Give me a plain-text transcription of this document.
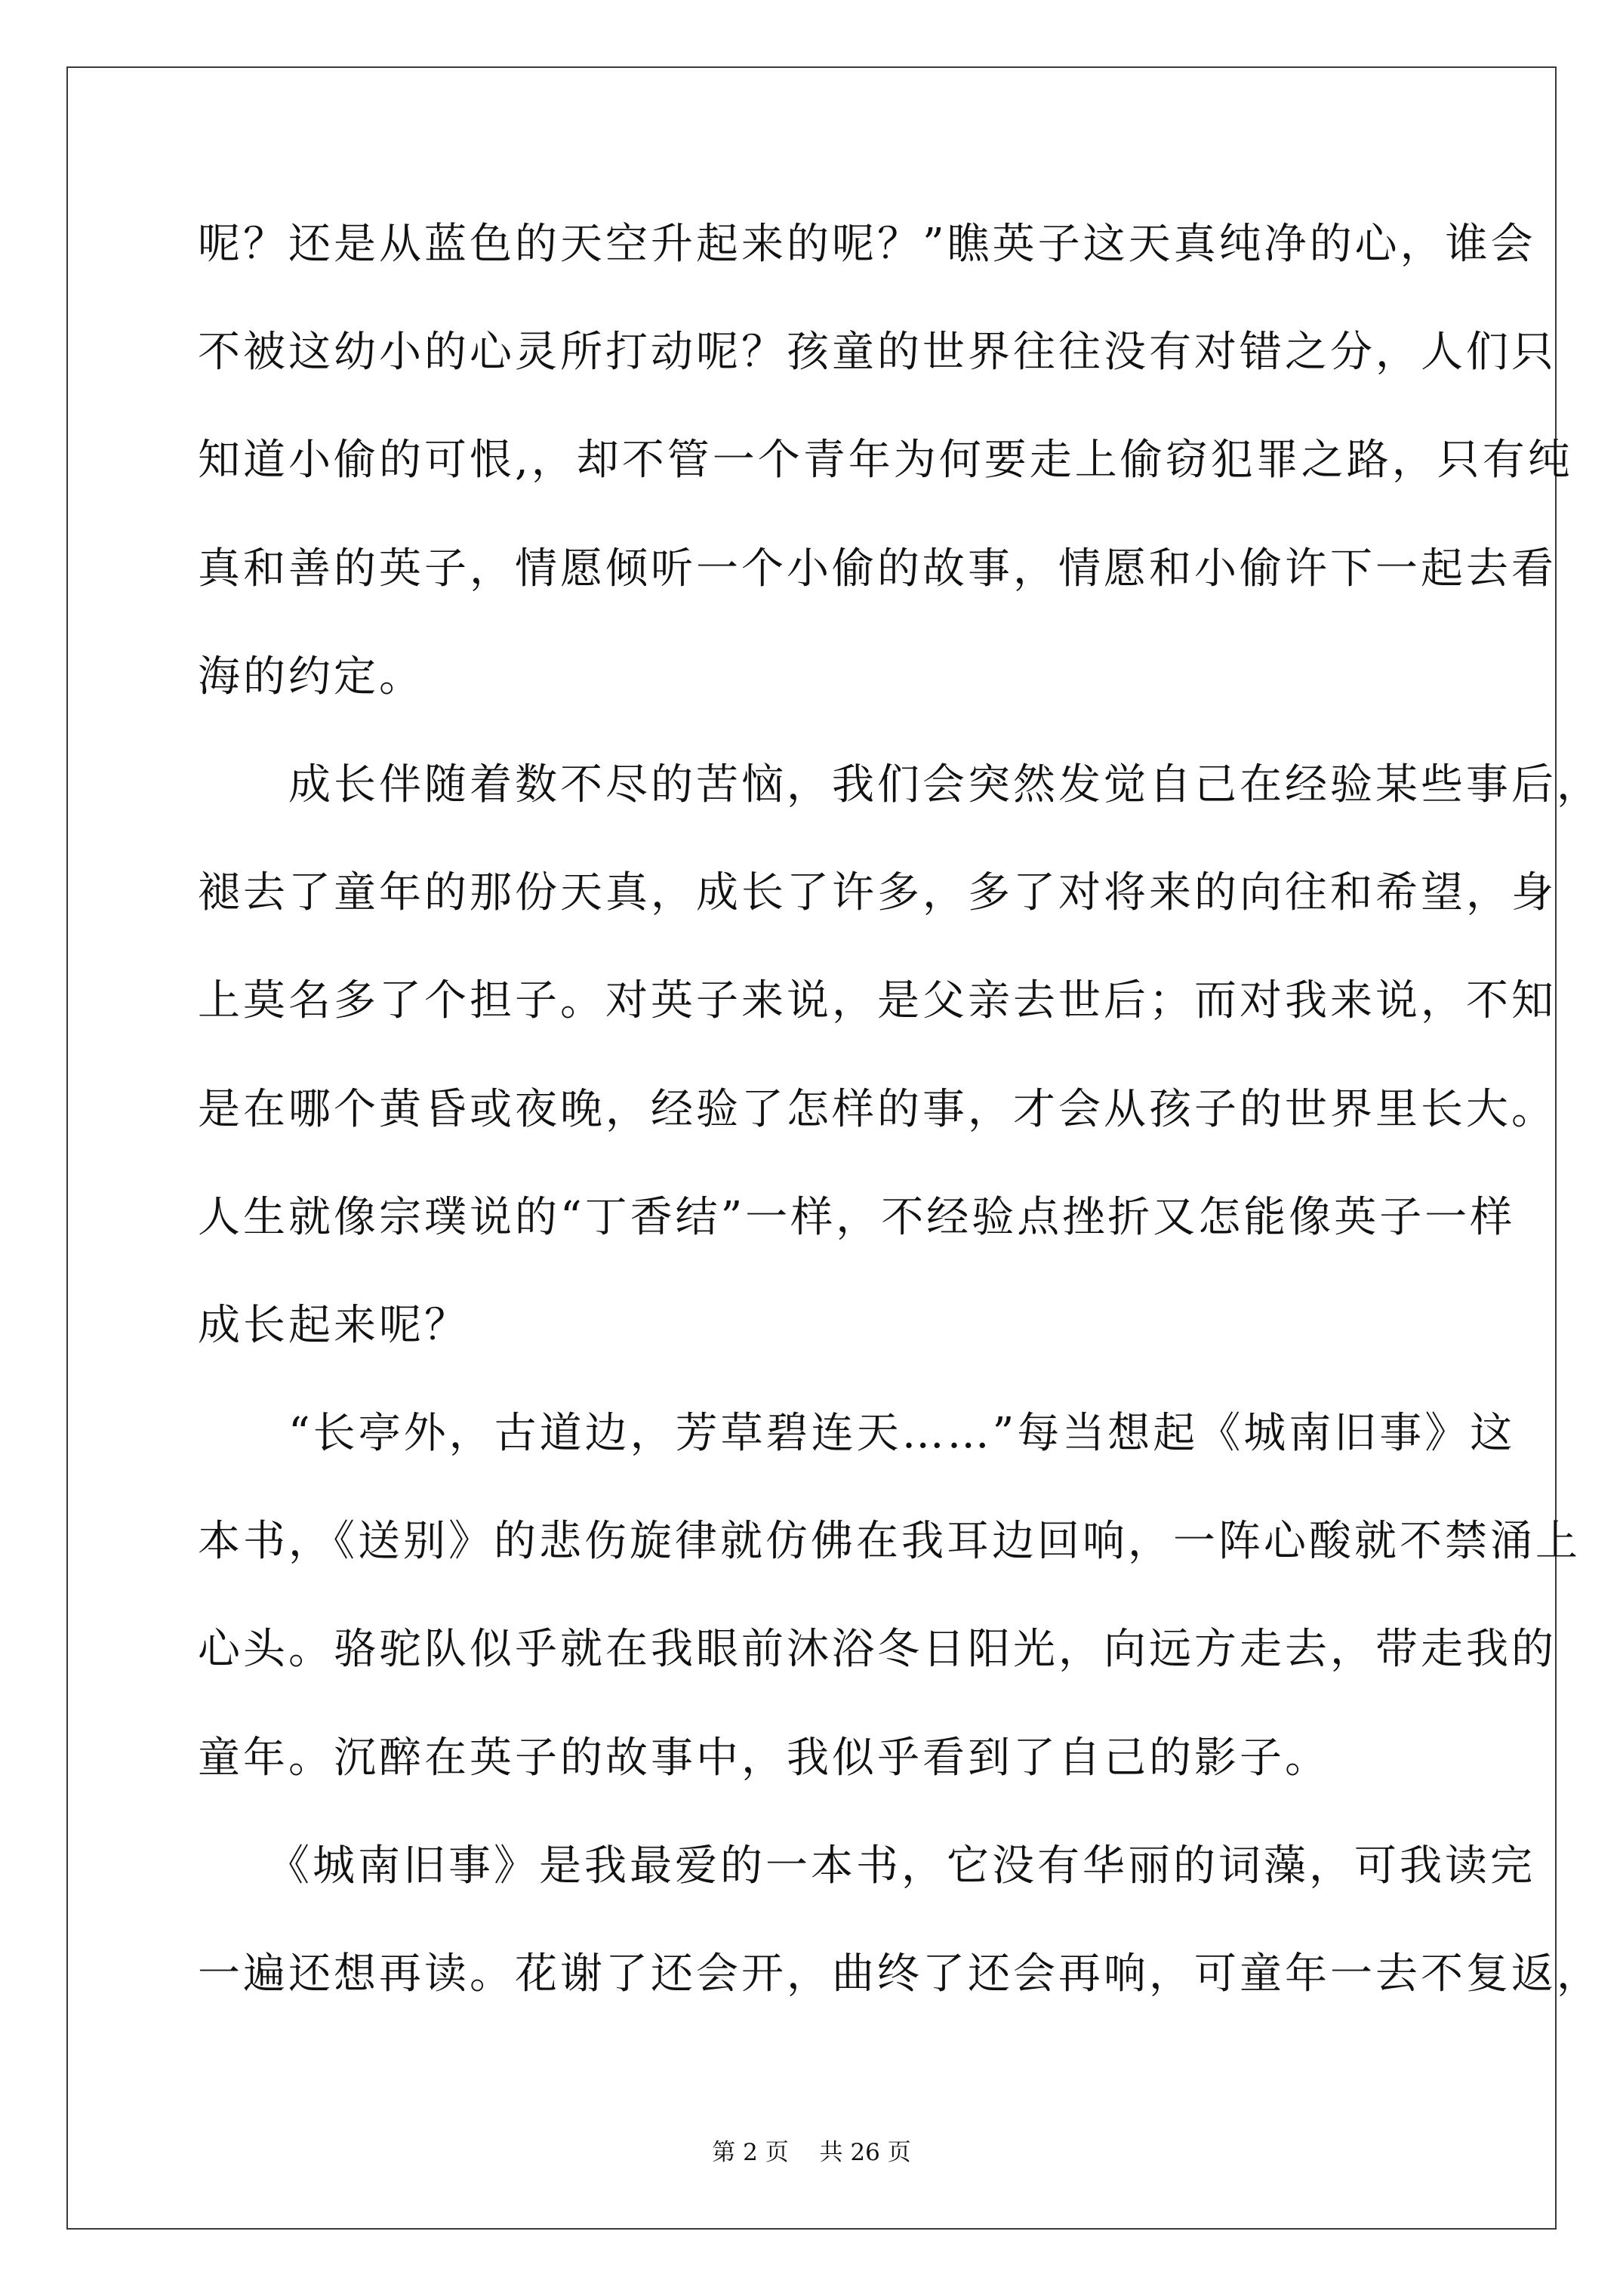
呢？还是从蓝色的天空升起来的呢？”瞧英子这天真纯净的心，谁会
不被这幼小的心灵所打动呢？孩童的世界往往没有对错之分，人们只
知道小偷的可恨,，却不管一个青年为何要走上偷窃犯罪之路，只有纯
真和善的英子，情愿倾听一个小偷的故事，情愿和小偷许下一起去看
海的约定。
　　成长伴随着数不尽的苦恼，我们会突然发觉自己在经验某些事后，
褪去了童年的那份天真，成长了许多，多了对将来的向往和希望，身
上莫名多了个担子。对英子来说，是父亲去世后；而对我来说，不知
是在哪个黄昏或夜晚，经验了怎样的事，才会从孩子的世界里长大。
人生就像宗璞说的“丁香结”一样，不经验点挫折又怎能像英子一样
成长起来呢？
　　“长亭外，古道边，芳草碧连天……”每当想起《城南旧事》这
本书，《送别》的悲伤旋律就仿佛在我耳边回响，一阵心酸就不禁涌上
心头。骆驼队似乎就在我眼前沐浴冬日阳光，向远方走去，带走我的
童年。沉醉在英子的故事中，我似乎看到了自己的影子。
　　《城南旧事》是我最爱的一本书，它没有华丽的词藻，可我读完
一遍还想再读。花谢了还会开，曲终了还会再响，可童年一去不复返，
第 2 页　 共 26 页
